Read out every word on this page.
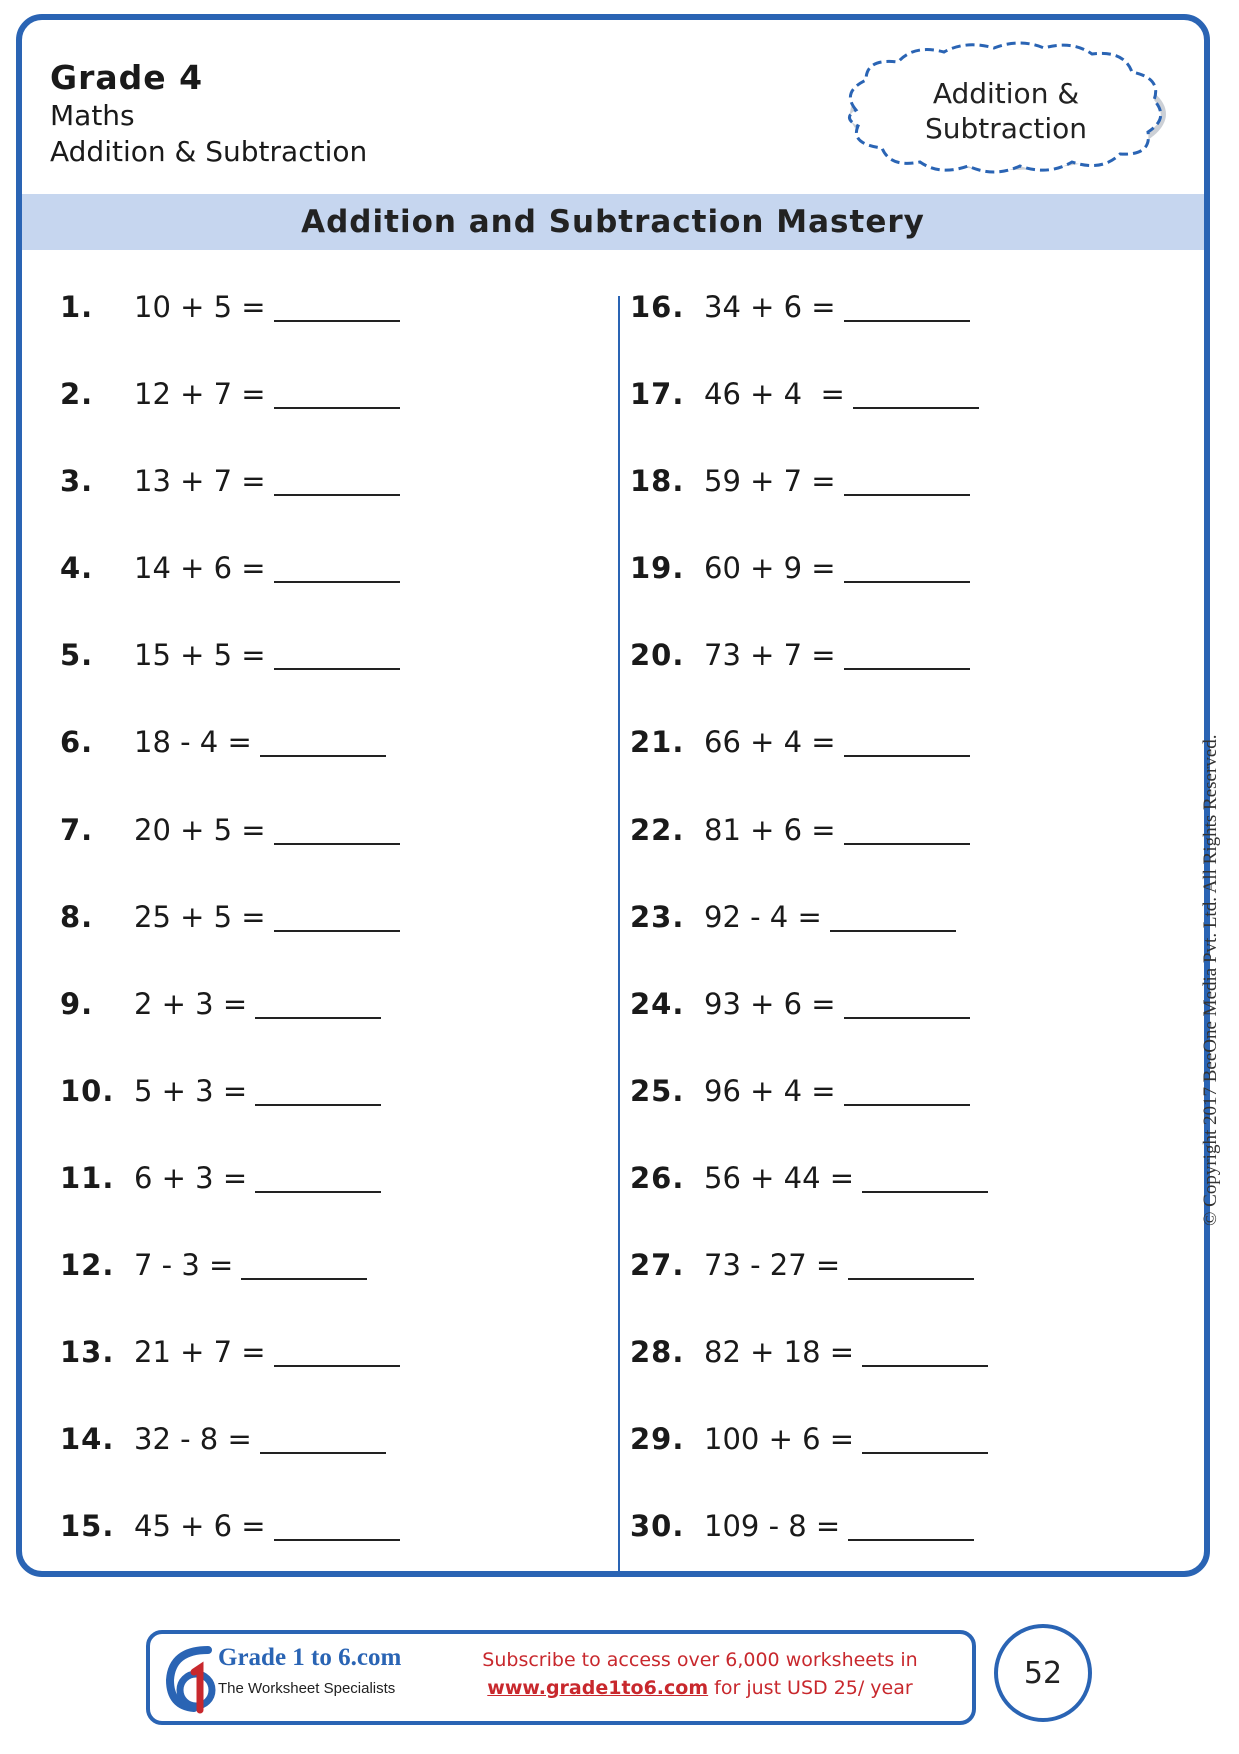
Grade 4
Maths
Addition & Subtraction
Addition &
Subtraction
Addition and Subtraction Mastery
1.	10 + 5 =
2.	12 + 7 =
3.	13 + 7 =
4.	14 + 6 =
5.	15 + 5 =
6.	18 - 4 =
7.	20 + 5 =
8.	25 + 5 =
9.	2 + 3 =
10. 5 + 3 =
11. 6 + 3 =
12. 7 - 3 =
13. 21 + 7 =
14. 32 - 8 =
15. 45 + 6 =
16. 34 + 6 =
17. 46 + 4  =
18. 59 + 7 =
19. 60 + 9 =
20. 73 + 7 =
21. 66 + 4 =
22. 81 + 6 =
23. 92 - 4 =
24. 93 + 6 =
25. 96 + 4 =
26. 56 + 44 =
27. 73 - 27 =
28. 82 + 18 =
29. 100 + 6 =
30. 109 - 8 =
© Copyright 2017 BeeOne Media Pvt. Ltd. All Rights Reserved.
Grade 1 to 6.com
The Worksheet Specialists
Subscribe to access over 6,000 worksheets in
www.grade1to6.com for just USD 25/ year	52
